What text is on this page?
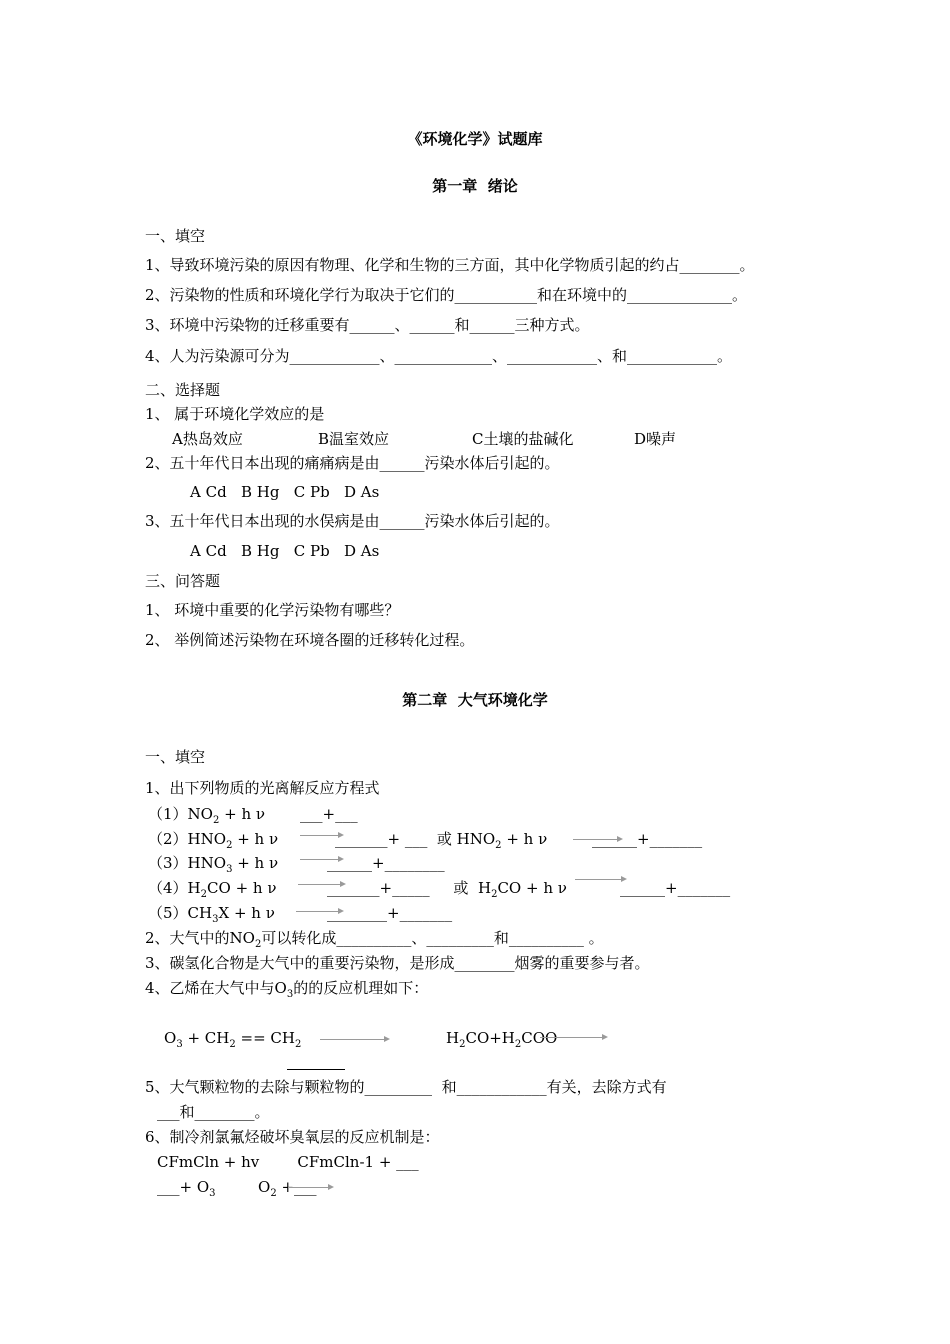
《环境化学》试题库
第一章  绪论
一、填空
1、导致环境污染的原因有物理、化学和生物的三方面，其中化学物质引起的约占________。
2、污染物的性质和环境化学行为取决于它们的___________和在环境中的______________。
3、环境中污染物的迁移重要有______、______和______三种方式。
4、人为污染源可分为____________、_____________、____________、和____________。
二、选择题
1、 属于环境化学效应的是
A热岛效应	B温室效应	C土壤的盐碱化	D噪声
2、五十年代日本出现的痛痛病是由______污染水体后引起的。
A Cd   B Hg   C Pb   D As
3、五十年代日本出现的水俣病是由______污染水体后引起的。
A Cd   B Hg   C Pb   D As
三、问答题
1、 环境中重要的化学污染物有哪些？
2、 举例简述污染物在环境各圈的迁移转化过程。
第二章  大气环境化学
一、填空
1、出下列物质的光离解反应方程式
$(1)NO_2 + h$ ν ___+___
$(2)HNO_2 + h$ ν	_______+ ___  或 $HNO_2 + h$ ν	______+_______
$(3)HNO_3 + h$ ν	______+________
$(4)H_2CO + h$ ν	_______+_____     或  $H_2CO + h$ ν	______+_______
$(5)CH_3X + h$ ν	________+_______
2、大气中的$NO_2$可以转化成__________、_________和__________ 。
3、碳氢化合物是大气中的重要污染物，是形成________烟雾的重要参与者。
4、乙烯在大气中与$O_3$的的反应机理如下：
$O_3 + CH_2 == CH_2$	$H_2CO+H_2COO$
5、大气颗粒物的去除与颗粒物的_________  和____________有关，去除方式有
___和________。
6、制冷剂氯氟烃破坏臭氧层的反应机制是：
CFmCln + hv        CFmCln-1 + ___
___+ $O_3$	$O_2$ +___
